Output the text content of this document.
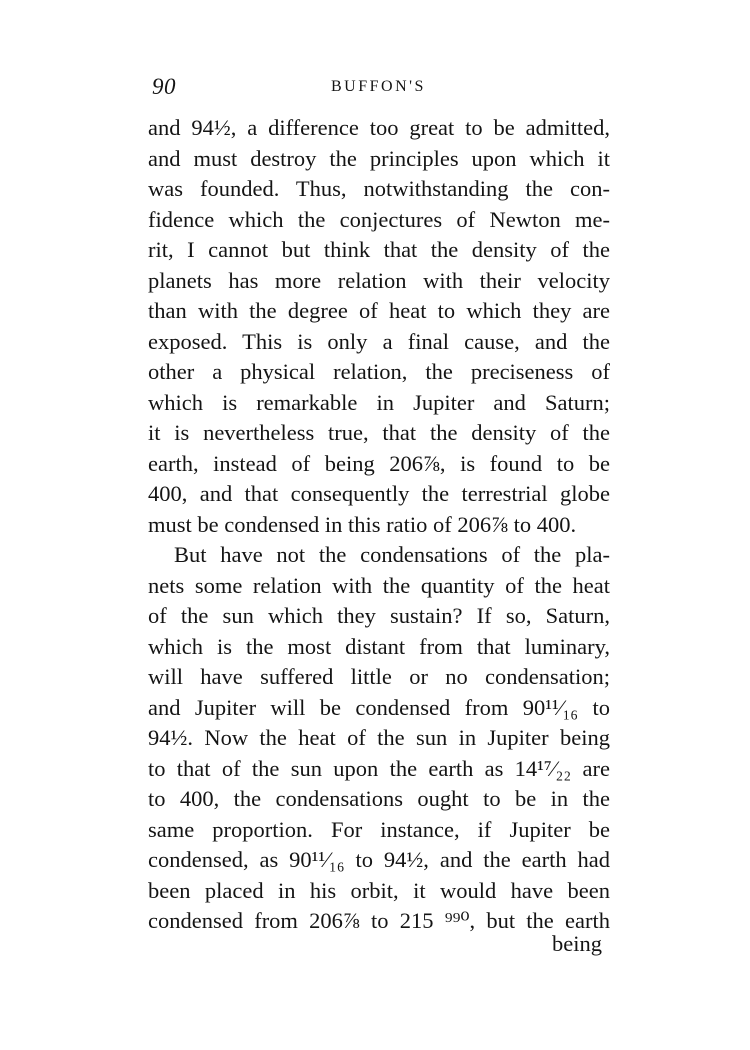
90	BUFFON'S
and 94½, a difference too great to be admitted,
and must destroy the principles upon which it
was founded. Thus, notwithstanding the con-
fidence which the conjectures of Newton me-
rit, I cannot but think that the density of the
planets has more relation with their velocity
than with the degree of heat to which they are
exposed. This is only a final cause, and the
other a physical relation, the preciseness of
which is remarkable in Jupiter and Saturn;
it is nevertheless true, that the density of the
earth, instead of being 206⅞, is found to be
400, and that consequently the terrestrial globe
must be condensed in this ratio of 206⅞ to 400.
But have not the condensations of the pla-
nets some relation with the quantity of the heat
of the sun which they sustain? If so, Saturn,
which is the most distant from that luminary,
will have suffered little or no condensation;
and Jupiter will be condensed from 90¹¹⁄₁₆ to
94½. Now the heat of the sun in Jupiter being
to that of the sun upon the earth as 14¹⁷⁄₂₂ are
to 400, the condensations ought to be in the
same proportion. For instance, if Jupiter be
condensed, as 90¹¹⁄₁₆ to 94½, and the earth had
been placed in his orbit, it would have been
condensed from 206⅞ to 215 ⁹⁹⁰, but the earth
being
